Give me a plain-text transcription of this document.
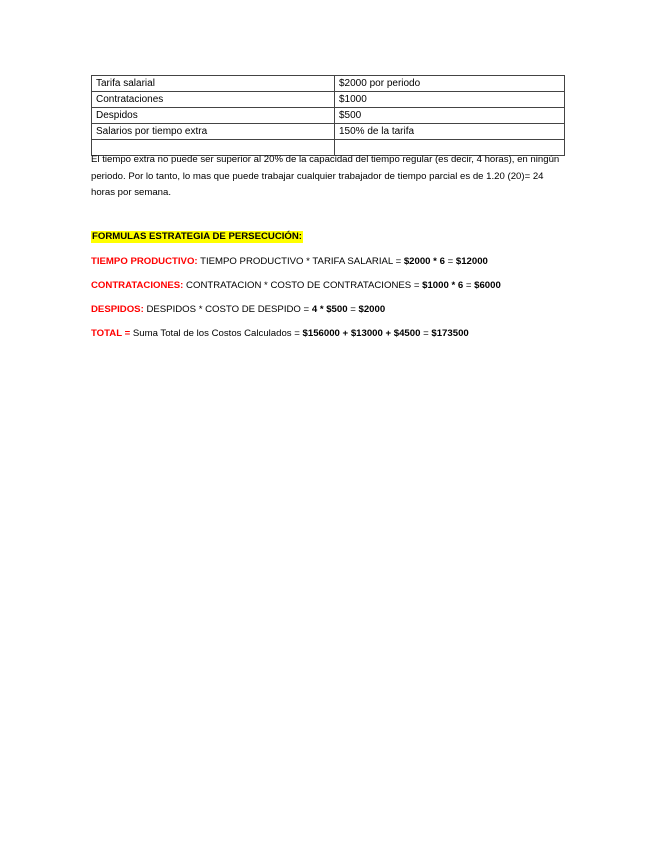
Tarifa salarial	$2000 por periodo
Contrataciones	$1000
Despidos	$500
Salarios por tiempo extra	150% de la tarifa

El tiempo extra no puede ser superior al 20% de la capacidad del tiempo regular (es decir, 4 horas), en ningún periodo. Por lo tanto, lo mas que puede trabajar cualquier trabajador de tiempo parcial es de 1.20 (20)= 24 horas por semana.
FORMULAS ESTRATEGIA DE PERSECUCIÓN:
TIEMPO PRODUCTIVO: TIEMPO PRODUCTIVO * TARIFA SALARIAL = $2000 * 6 = $12000
CONTRATACIONES: CONTRATACION * COSTO DE CONTRATACIONES = $1000 * 6 = $6000
DESPIDOS: DESPIDOS * COSTO DE DESPIDO = 4 * $500 = $2000
TOTAL = Suma Total de los Costos Calculados = $156000 + $13000 + $4500 = $173500
